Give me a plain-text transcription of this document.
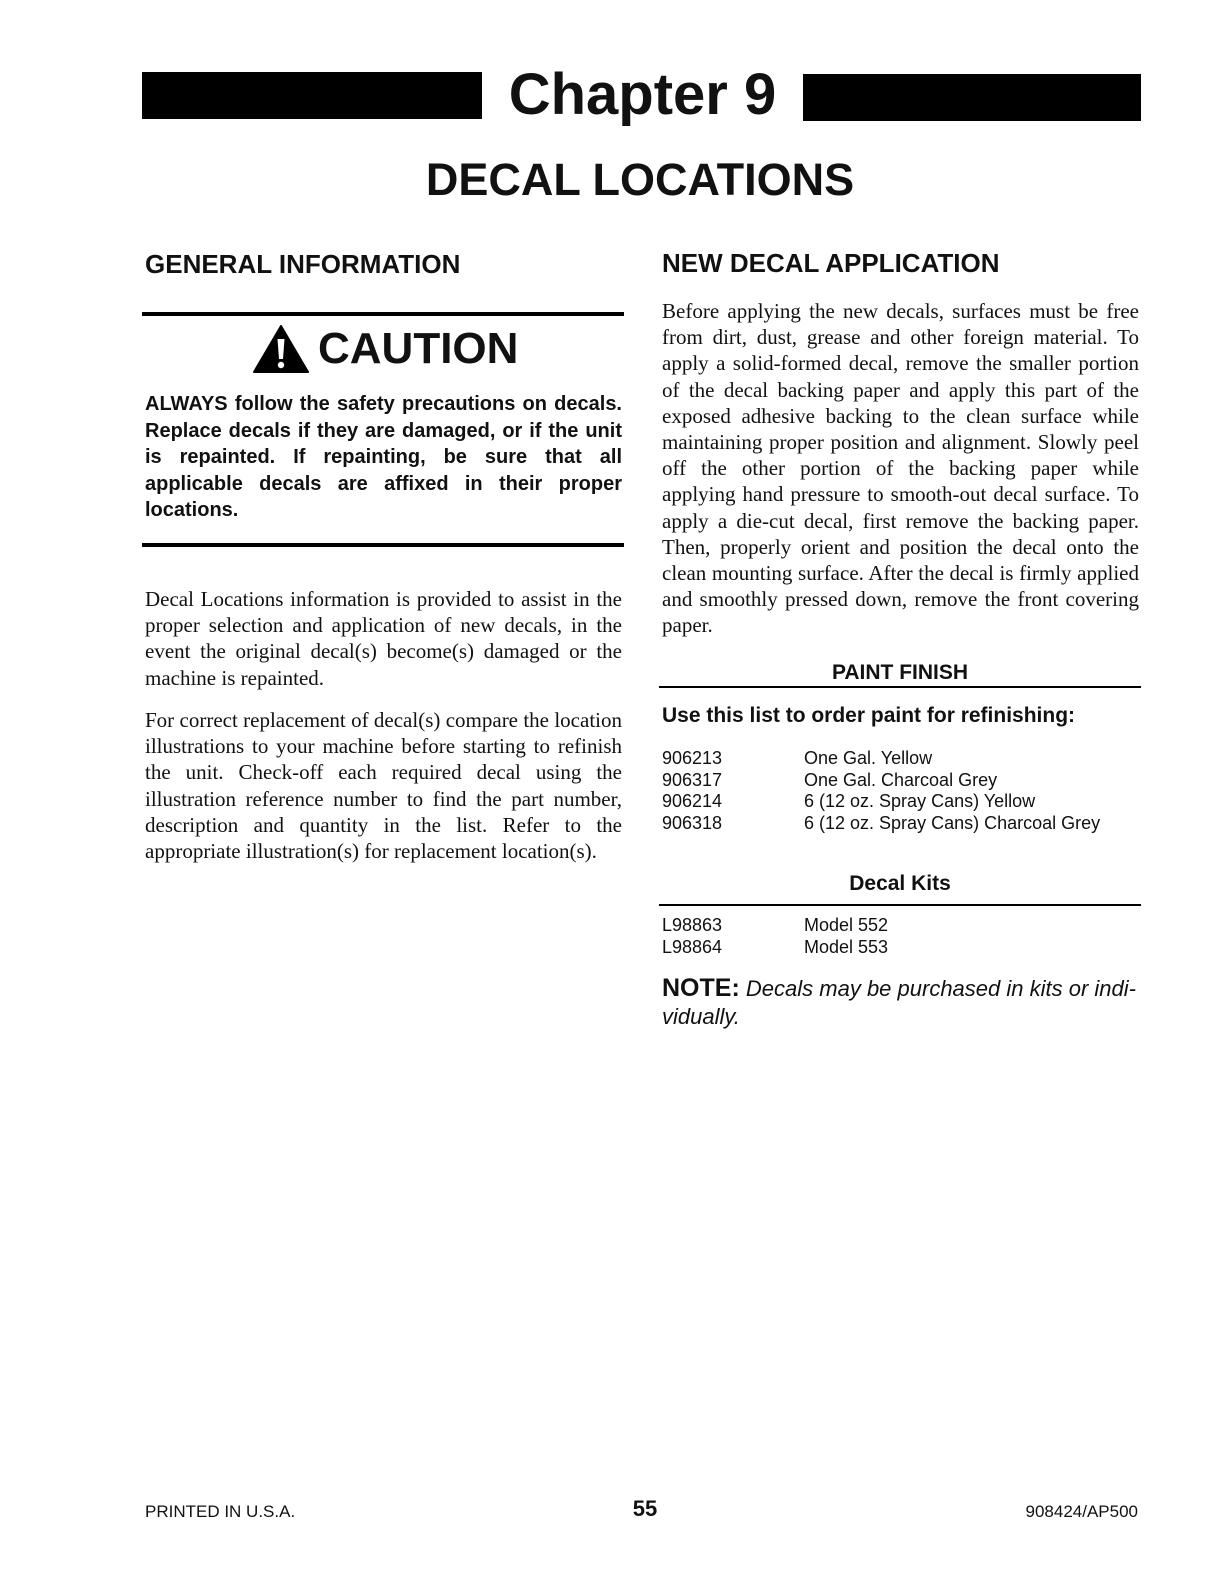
Chapter 9
DECAL LOCATIONS
GENERAL INFORMATION
CAUTION

ALWAYS follow the safety precautions on decals. Replace decals if they are damaged, or if the unit is repainted. If repainting, be sure that all applicable decals are affixed in their proper locations.

Decal Locations information is provided to assist in the proper selection and application of new decals, in the event the original decal(s) become(s) damaged or the machine is repainted.

For correct replacement of decal(s) compare the location illustrations to your machine before starting to refinish the unit. Check-off each required decal using the illustration reference number to find the part number, description and quantity in the list. Refer to the appropriate illustration(s) for replacement location(s).

NEW DECAL APPLICATION

Before applying the new decals, surfaces must be free from dirt, dust, grease and other foreign material. To apply a solid-formed decal, remove the smaller portion of the decal backing paper and apply this part of the exposed adhesive backing to the clean surface while maintaining proper position and alignment. Slowly peel off the other portion of the backing paper while applying hand pressure to smooth-out decal surface. To apply a die-cut decal, first remove the backing paper. Then, properly orient and position the decal onto the clean mounting surface. After the decal is firmly applied and smoothly pressed down, remove the front covering paper.

PAINT FINISH
Use this list to order paint for refinishing:
906213	One Gal. Yellow
906317	One Gal. Charcoal Grey
906214	6 (12 oz. Spray Cans) Yellow
906318	6 (12 oz. Spray Cans) Charcoal Grey
Decal Kits
L98863	Model 552
L98864	Model 553

NOTE: Decals may be purchased in kits or individually.

PRINTED IN U.S.A.	55	908424/AP500
